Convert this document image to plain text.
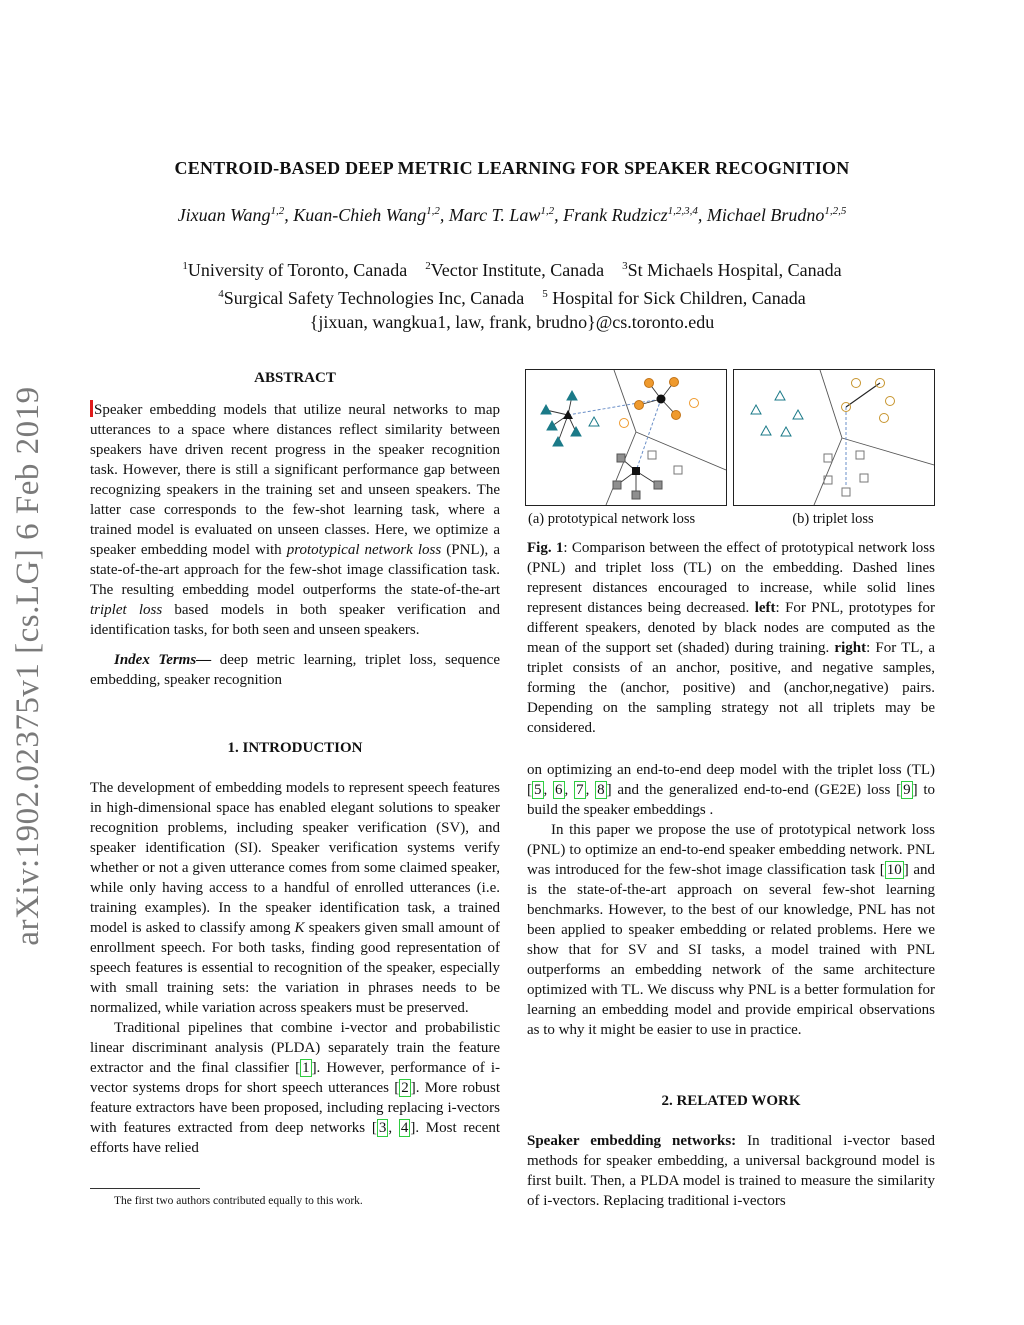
arXiv:1902.02375v1 [cs.LG] 6 Feb 2019
CENTROID-BASED DEEP METRIC LEARNING FOR SPEAKER RECOGNITION
Jixuan Wang$^{1,2}$, Kuan-Chieh Wang$^{1,2}$, Marc T. Law$^{1,2}$, Frank Rudzicz$^{1,2,3,4}$, Michael Brudno$^{1,2,5}$
$^1$University of Toronto, Canada $^2$Vector Institute, Canada $^3$St Michaels Hospital, Canada
$^4$Surgical Safety Technologies Inc, Canada $^5$ Hospital for Sick Children, Canada
{jixuan, wangkua1, law, frank, brudno}@cs.toronto.edu
ABSTRACT

Speaker embedding models that utilize neural networks to map utterances to a space where distances reflect similarity between speakers have driven recent progress in the speaker recognition task. However, there is still a significant performance gap between recognizing speakers in the training set and unseen speakers. The latter case corresponds to the few-shot learning task, where a trained model is evaluated on unseen classes. Here, we optimize a speaker embedding model with prototypical network loss (PNL), a state-of-the-art approach for the few-shot image classification task. The resulting embedding model outperforms the state-of-the-art triplet loss based models in both speaker verification and identification tasks, for both seen and unseen speakers.

Index Terms— deep metric learning, triplet loss, sequence embedding, speaker recognition

1. INTRODUCTION

The development of embedding models to represent speech features in high-dimensional space has enabled elegant solutions to speaker recognition problems, including speaker verification (SV), and speaker identification (SI). Speaker verification systems verify whether or not a given utterance comes from some claimed speaker, while only having access to a handful of enrolled utterances (i.e. training examples). In the speaker identification task, a trained model is asked to classify among K speakers given small amount of enrollment speech. For both tasks, finding good representation of speech features is essential to recognition of the speaker, especially with small training sets: the variation in phrases needs to be normalized, while variation across speakers must be preserved.

Traditional pipelines that combine i-vector and probabilistic linear discriminant analysis (PLDA) separately train the feature extractor and the final classifier [ 1 ]. However, performance of i-vector systems drops for short speech utterances [ 2 ]. More robust feature extractors have been proposed, including replacing i-vectors with features extracted from deep networks [ 3 , 4 ]. Most recent efforts have relied

The first two authors contributed equally to this work.
(a) prototypical network loss	(b) triplet loss
Fig. 1: Comparison between the effect of prototypical network loss (PNL) and triplet loss (TL) on the embedding. Dashed lines represent distances encouraged to increase, while solid lines represent distances being decreased. left: For PNL, prototypes for different speakers, denoted by black nodes are computed as the mean of the support set (shaded) during training. right: For TL, a triplet consists of an anchor, positive, and negative samples, forming the (anchor, positive) and (anchor,negative) pairs. Depending on the sampling strategy not all triplets may be considered.

on optimizing an end-to-end deep model with the triplet loss (TL) [ 5 , 6 , 7 , 8 ] and the generalized end-to-end (GE2E) loss [ 9 ] to build the speaker embeddings .

In this paper we propose the use of prototypical network loss (PNL) to optimize an end-to-end speaker embedding network. PNL was introduced for the few-shot image classification task [ 10 ] and is the state-of-the-art approach on several few-shot learning benchmarks. However, to the best of our knowledge, PNL has not been applied to speaker embedding or related problems. Here we show that for SV and SI tasks, a model trained with PNL outperforms an embedding network of the same architecture optimized with TL. We discuss why PNL is a better formulation for learning an embedding model and provide empirical observations as to why it might be easier to use in practice.

2. RELATED WORK

Speaker embedding networks: In traditional i-vector based methods for speaker embedding, a universal background model is first built. Then, a PLDA model is trained to measure the similarity of i-vectors. Replacing traditional i-vectors
